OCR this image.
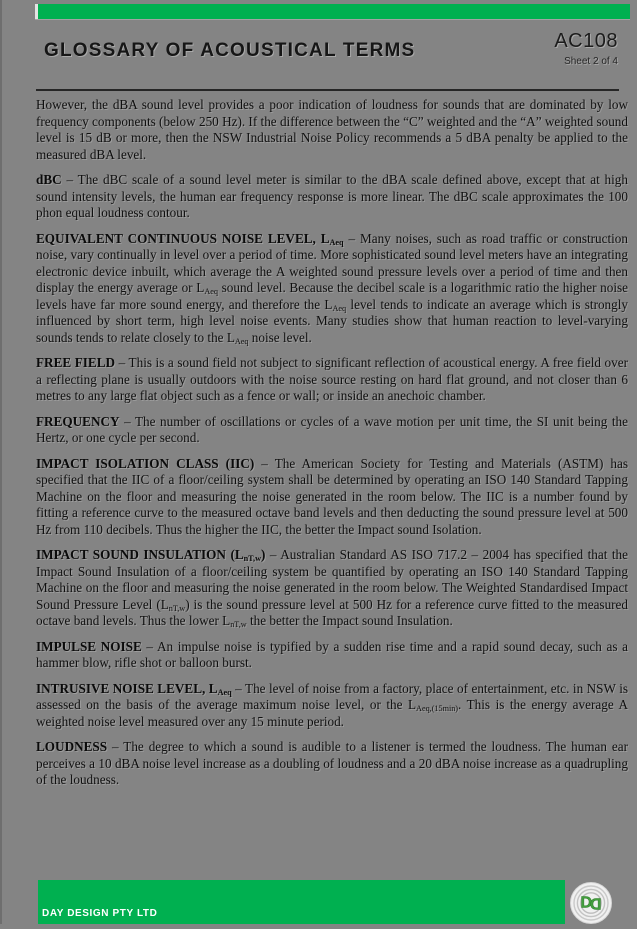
GLOSSARY OF ACOUSTICAL TERMS	AC108
Sheet 2 of 4

However, the dBA sound level provides a poor indication of loudness for sounds that are dominated by low frequency components (below 250 Hz). If the difference between the “C” weighted and the “A” weighted sound level is 15 dB or more, then the NSW Industrial Noise Policy recommends a 5 dBA penalty be applied to the measured dBA level.

dBC – The dBC scale of a sound level meter is similar to the dBA scale defined above, except that at high sound intensity levels, the human ear frequency response is more linear. The dBC scale approximates the 100 phon equal loudness contour.

EQUIVALENT CONTINUOUS NOISE LEVEL, $L_{Aeq}$ – Many noises, such as road traffic or construction noise, vary continually in level over a period of time. More sophisticated sound level meters have an integrating electronic device inbuilt, which average the A weighted sound pressure levels over a period of time and then display the energy average or $L_{Aeq}$ sound level. Because the decibel scale is a logarithmic ratio the higher noise levels have far more sound energy, and therefore the $L_{Aeq}$ level tends to indicate an average which is strongly influenced by short term, high level noise events. Many studies show that human reaction to level-varying sounds tends to relate closely to the $L_{Aeq}$ noise level.

FREE FIELD – This is a sound field not subject to significant reflection of acoustical energy. A free field over a reflecting plane is usually outdoors with the noise source resting on hard flat ground, and not closer than 6 metres to any large flat object such as a fence or wall; or inside an anechoic chamber.

FREQUENCY – The number of oscillations or cycles of a wave motion per unit time, the SI unit being the Hertz, or one cycle per second.

IMPACT ISOLATION CLASS (IIC) – The American Society for Testing and Materials (ASTM) has specified that the IIC of a floor/ceiling system shall be determined by operating an ISO 140 Standard Tapping Machine on the floor and measuring the noise generated in the room below. The IIC is a number found by fitting a reference curve to the measured octave band levels and then deducting the sound pressure level at 500 Hz from 110 decibels. Thus the higher the IIC, the better the Impact sound Isolation.

IMPACT SOUND INSULATION $(L_{nT,w})$ – Australian Standard AS ISO 717.2 – 2004 has specified that the Impact Sound Insulation of a floor/ceiling system be quantified by operating an ISO 140 Standard Tapping Machine on the floor and measuring the noise generated in the room below. The Weighted Standardised Impact Sound Pressure Level $(L_{nT,w})$ is the sound pressure level at 500 Hz for a reference curve fitted to the measured octave band levels. Thus the lower $L_{nT,w}$ the better the Impact sound Insulation.

IMPULSE NOISE – An impulse noise is typified by a sudden rise time and a rapid sound decay, such as a hammer blow, rifle shot or balloon burst.

INTRUSIVE NOISE LEVEL, $L_{Aeq}$ – The level of noise from a factory, place of entertainment, etc. in NSW is assessed on the basis of the average maximum noise level, or the $L_{Aeq,(15min)}$. This is the energy average A weighted noise level measured over any 15 minute period.

LOUDNESS – The degree to which a sound is audible to a listener is termed the loudness. The human ear perceives a 10 dBA noise level increase as a doubling of loudness and a 20 dBA noise increase as a quadrupling of the loudness.

DAY DESIGN PTY LTD
D
D
